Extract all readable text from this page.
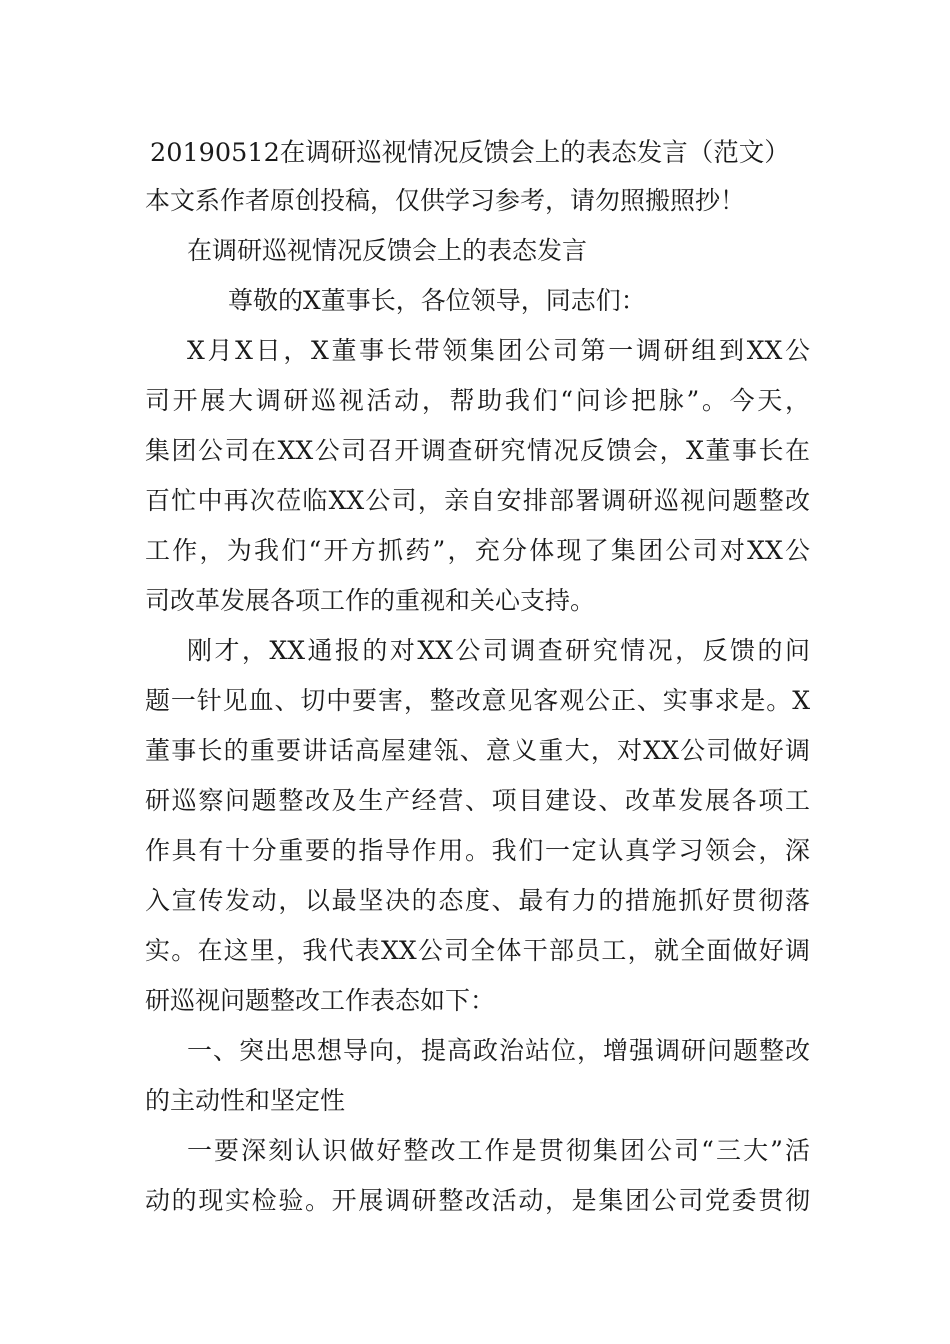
20190512在调研巡视情况反馈会上的表态发言（范文）
本文系作者原创投稿，仅供学习参考，请勿照搬照抄！
在调研巡视情况反馈会上的表态发言
尊敬的X董事长，各位领导，同志们：
X月X日，X董事长带领集团公司第一调研组到XX公
司开展大调研巡视活动，帮助我们“问诊把脉”。今天，
集团公司在XX公司召开调查研究情况反馈会，X董事长在
百忙中再次莅临XX公司，亲自安排部署调研巡视问题整改
工作，为我们“开方抓药”，充分体现了集团公司对XX公
司改革发展各项工作的重视和关心支持。
刚才，XX通报的对XX公司调查研究情况，反馈的问
题一针见血、切中要害，整改意见客观公正、实事求是。X
董事长的重要讲话高屋建瓴、意义重大，对XX公司做好调
研巡察问题整改及生产经营、项目建设、改革发展各项工
作具有十分重要的指导作用。我们一定认真学习领会，深
入宣传发动，以最坚决的态度、最有力的措施抓好贯彻落
实。在这里，我代表XX公司全体干部员工，就全面做好调
研巡视问题整改工作表态如下：
一、突出思想导向，提高政治站位，增强调研问题整改
的主动性和坚定性
一要深刻认识做好整改工作是贯彻集团公司“三大”活
动的现实检验。开展调研整改活动，是集团公司党委贯彻
